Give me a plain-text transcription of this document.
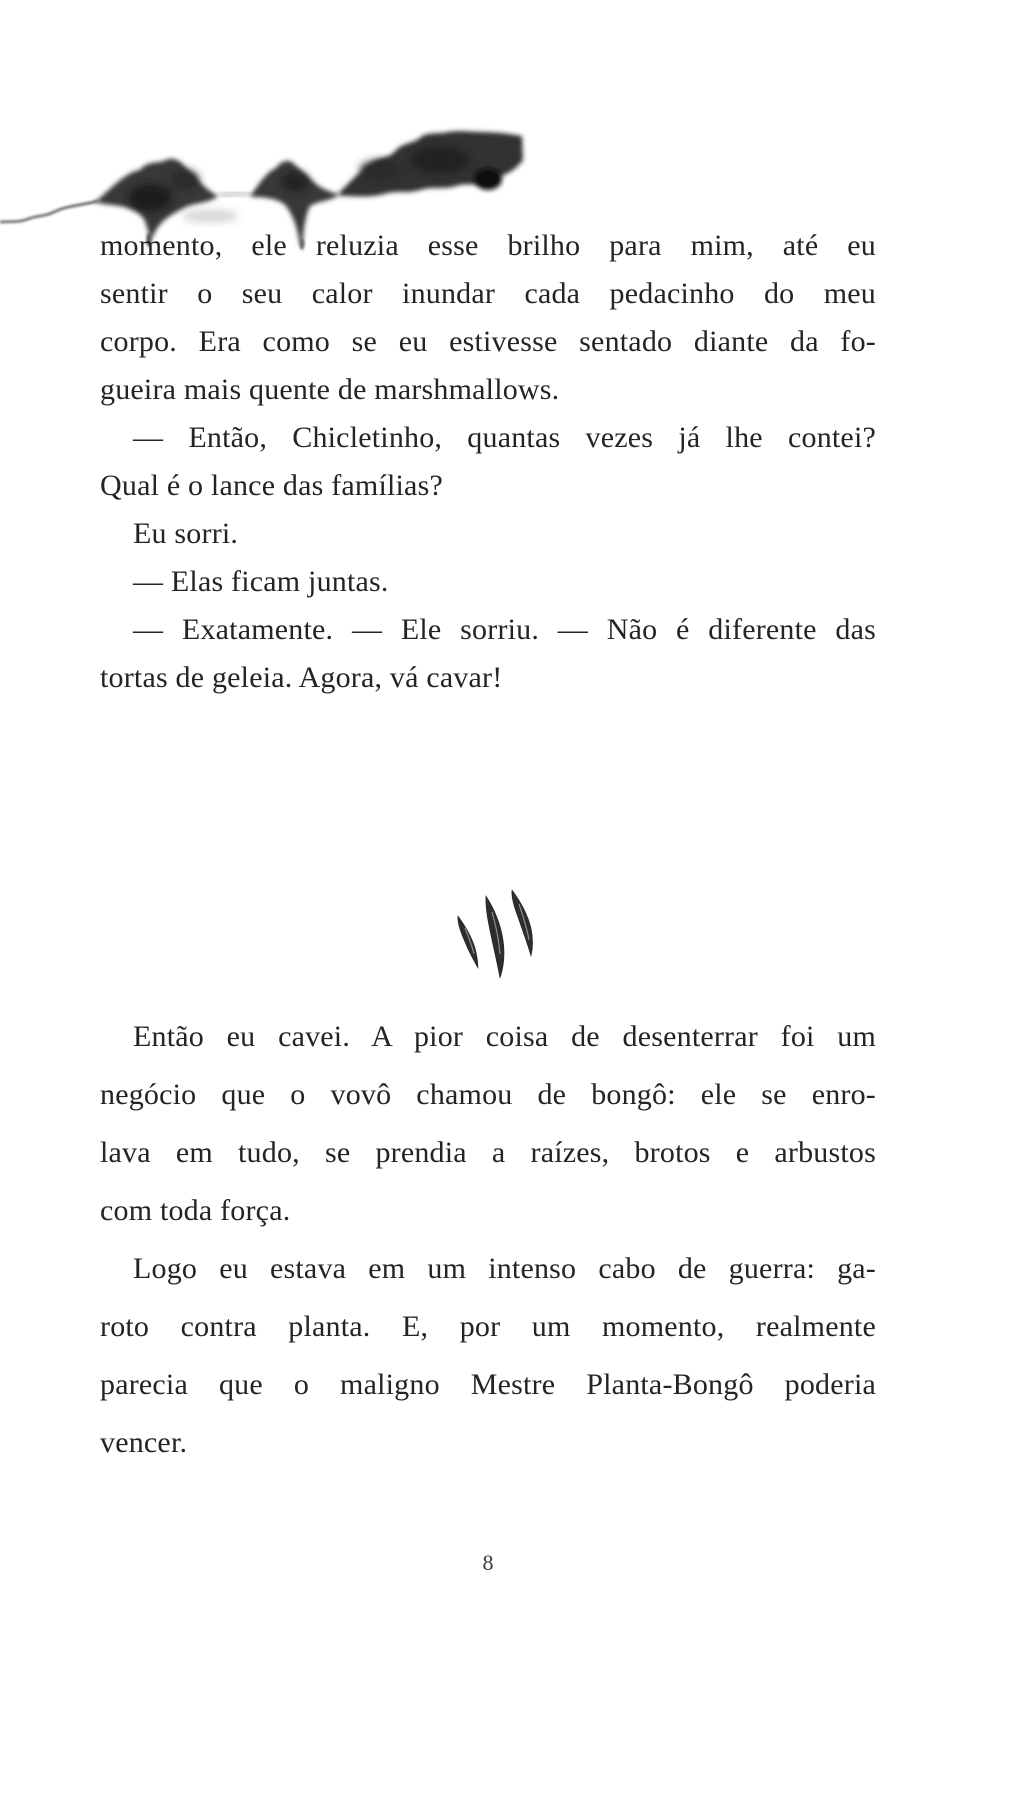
momento, ele reluzia esse brilho para mim, até eu
sentir o seu calor inundar cada pedacinho do meu
corpo. Era como se eu estivesse sentado diante da fo-
gueira mais quente de marshmallows.
— Então, Chicletinho, quantas vezes já lhe contei?
Qual é o lance das famílias?
Eu sorri.
— Elas ficam juntas.
— Exatamente. — Ele sorriu. — Não é diferente das
tortas de geleia. Agora, vá cavar!
Então eu cavei. A pior coisa de desenterrar foi um
negócio que o vovô chamou de bongô: ele se enro-
lava em tudo, se prendia a raízes, brotos e arbustos
com toda força.
Logo eu estava em um intenso cabo de guerra: ga-
roto contra planta. E, por um momento, realmente
parecia que o maligno Mestre Planta-Bongô poderia
vencer.
8
